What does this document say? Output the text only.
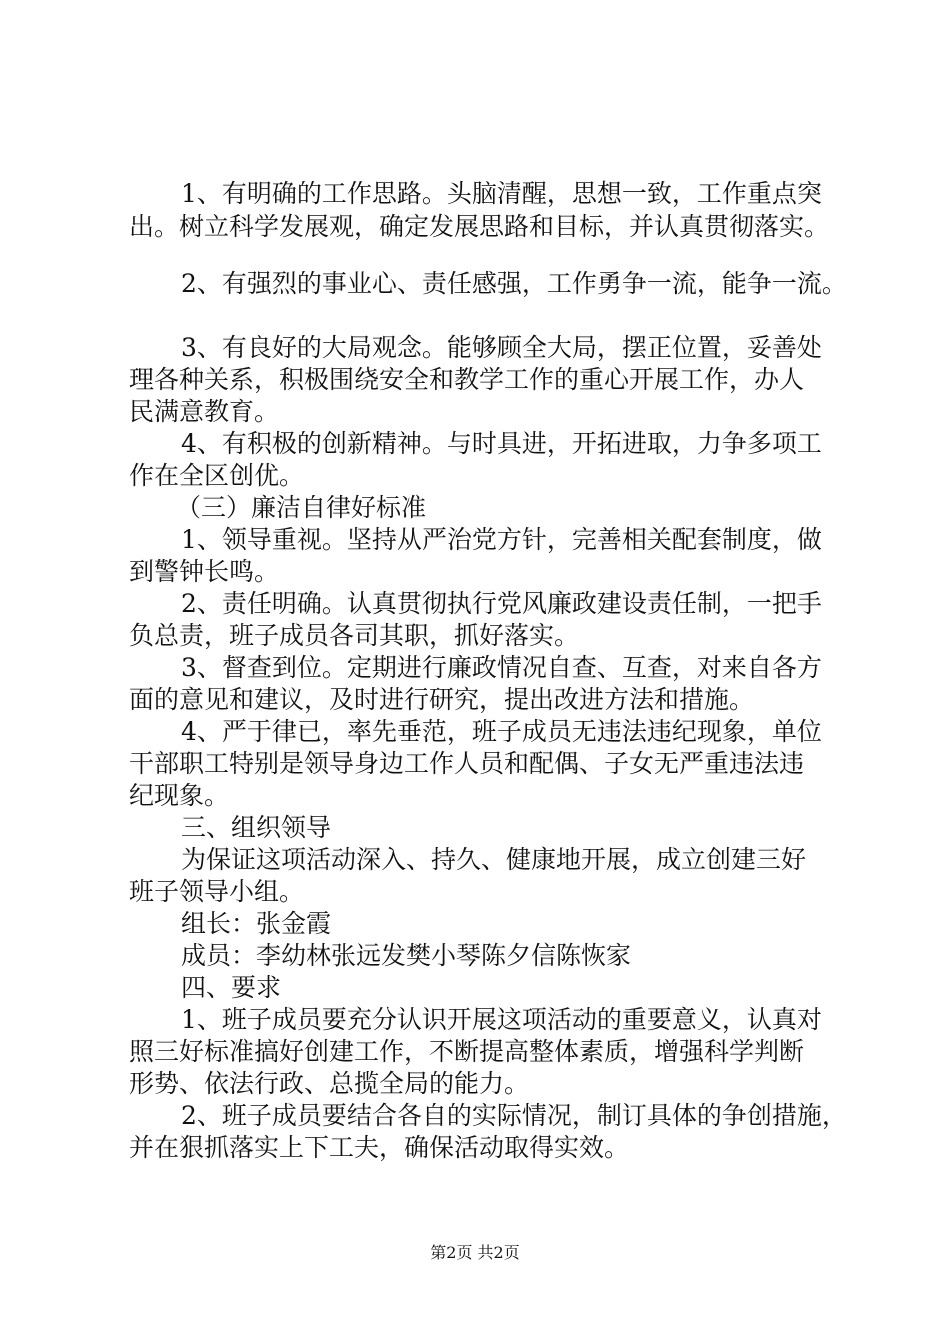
1、有明确的工作思路。头脑清醒，思想一致，工作重点突
出。树立科学发展观，确定发展思路和目标，并认真贯彻落实。
2、有强烈的事业心、责任感强，工作勇争一流，能争一流。
3、有良好的大局观念。能够顾全大局，摆正位置，妥善处
理各种关系，积极围绕安全和教学工作的重心开展工作，办人
民满意教育。
4、有积极的创新精神。与时具进，开拓进取，力争多项工
作在全区创优。
（三）廉洁自律好标准
1、领导重视。坚持从严治党方针，完善相关配套制度，做
到警钟长鸣。
2、责任明确。认真贯彻执行党风廉政建设责任制，一把手
负总责，班子成员各司其职，抓好落实。
3、督查到位。定期进行廉政情况自查、互查，对来自各方
面的意见和建议，及时进行研究，提出改进方法和措施。
4、严于律已，率先垂范，班子成员无违法违纪现象，单位
干部职工特别是领导身边工作人员和配偶、子女无严重违法违
纪现象。
三、组织领导
为保证这项活动深入、持久、健康地开展，成立创建三好
班子领导小组。
组长：张金霞
成员：李幼林张远发樊小琴陈夕信陈恢家
四、要求
1、班子成员要充分认识开展这项活动的重要意义，认真对
照三好标准搞好创建工作，不断提高整体素质，增强科学判断
形势、依法行政、总揽全局的能力。
2、班子成员要结合各自的实际情况，制订具体的争创措施，
并在狠抓落实上下工夫，确保活动取得实效。
第2页 共2页
